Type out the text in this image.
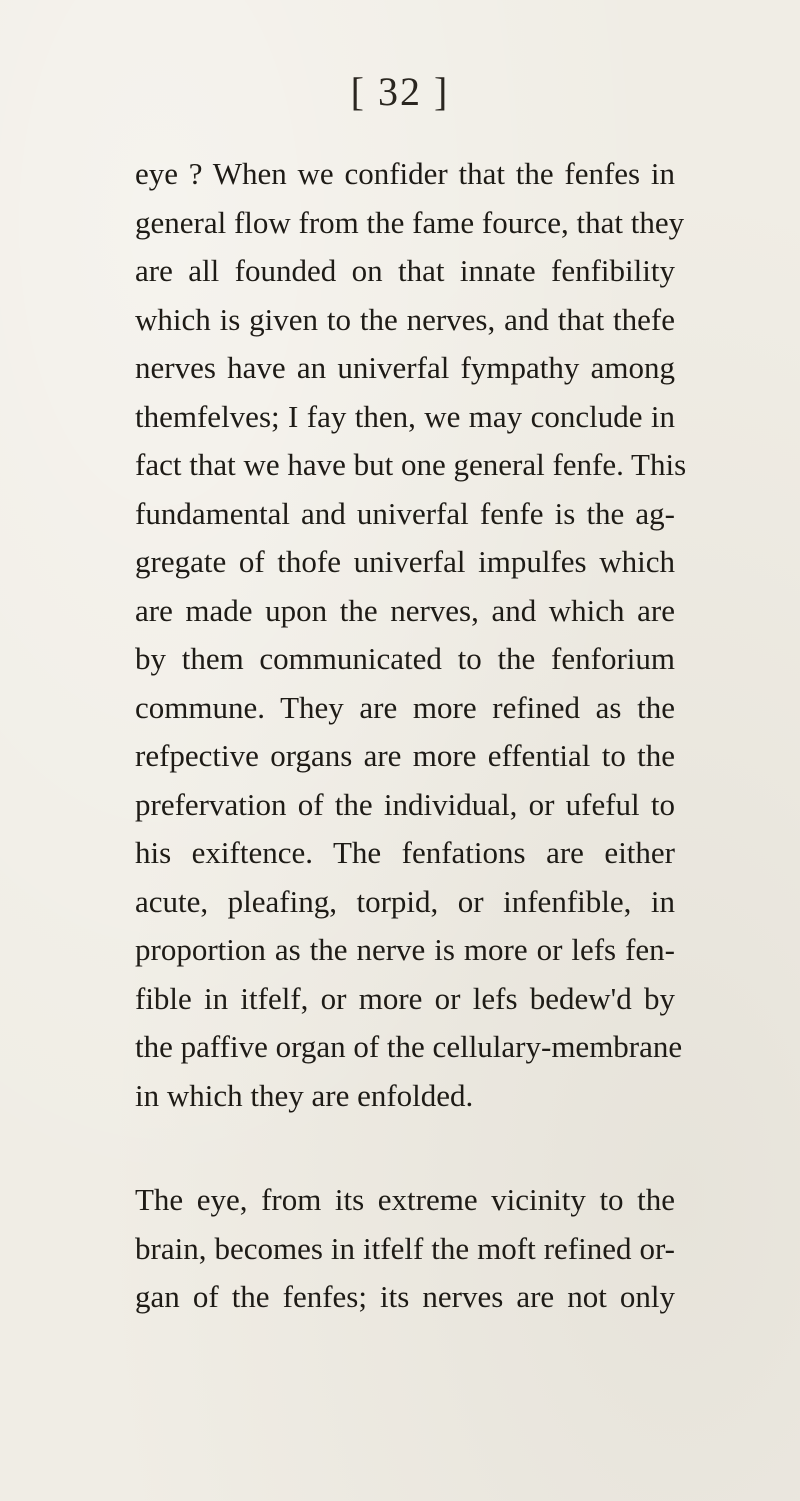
[ 32 ]
eye ? When we confider that the fenfes in
general flow from the fame fource, that they
are all founded on that innate fenfibility
which is given to the nerves, and that thefe
nerves have an univerfal fympathy among
themfelves; I fay then, we may conclude in
fact that we have but one general fenfe. This
fundamental and univerfal fenfe is the ag-
gregate of thofe univerfal impulfes which
are made upon the nerves, and which are
by them communicated to the fenforium
commune. They are more refined as the
refpective organs are more effential to the
prefervation of the individual, or ufeful to
his exiftence. The fenfations are either
acute, pleafing, torpid, or infenfible, in
proportion as the nerve is more or lefs fen-
fible in itfelf, or more or lefs bedew'd by
the paffive organ of the cellulary-membrane
in which they are enfolded.
The eye, from its extreme vicinity to the
brain, becomes in itfelf the moft refined or-
gan of the fenfes; its nerves are not only
